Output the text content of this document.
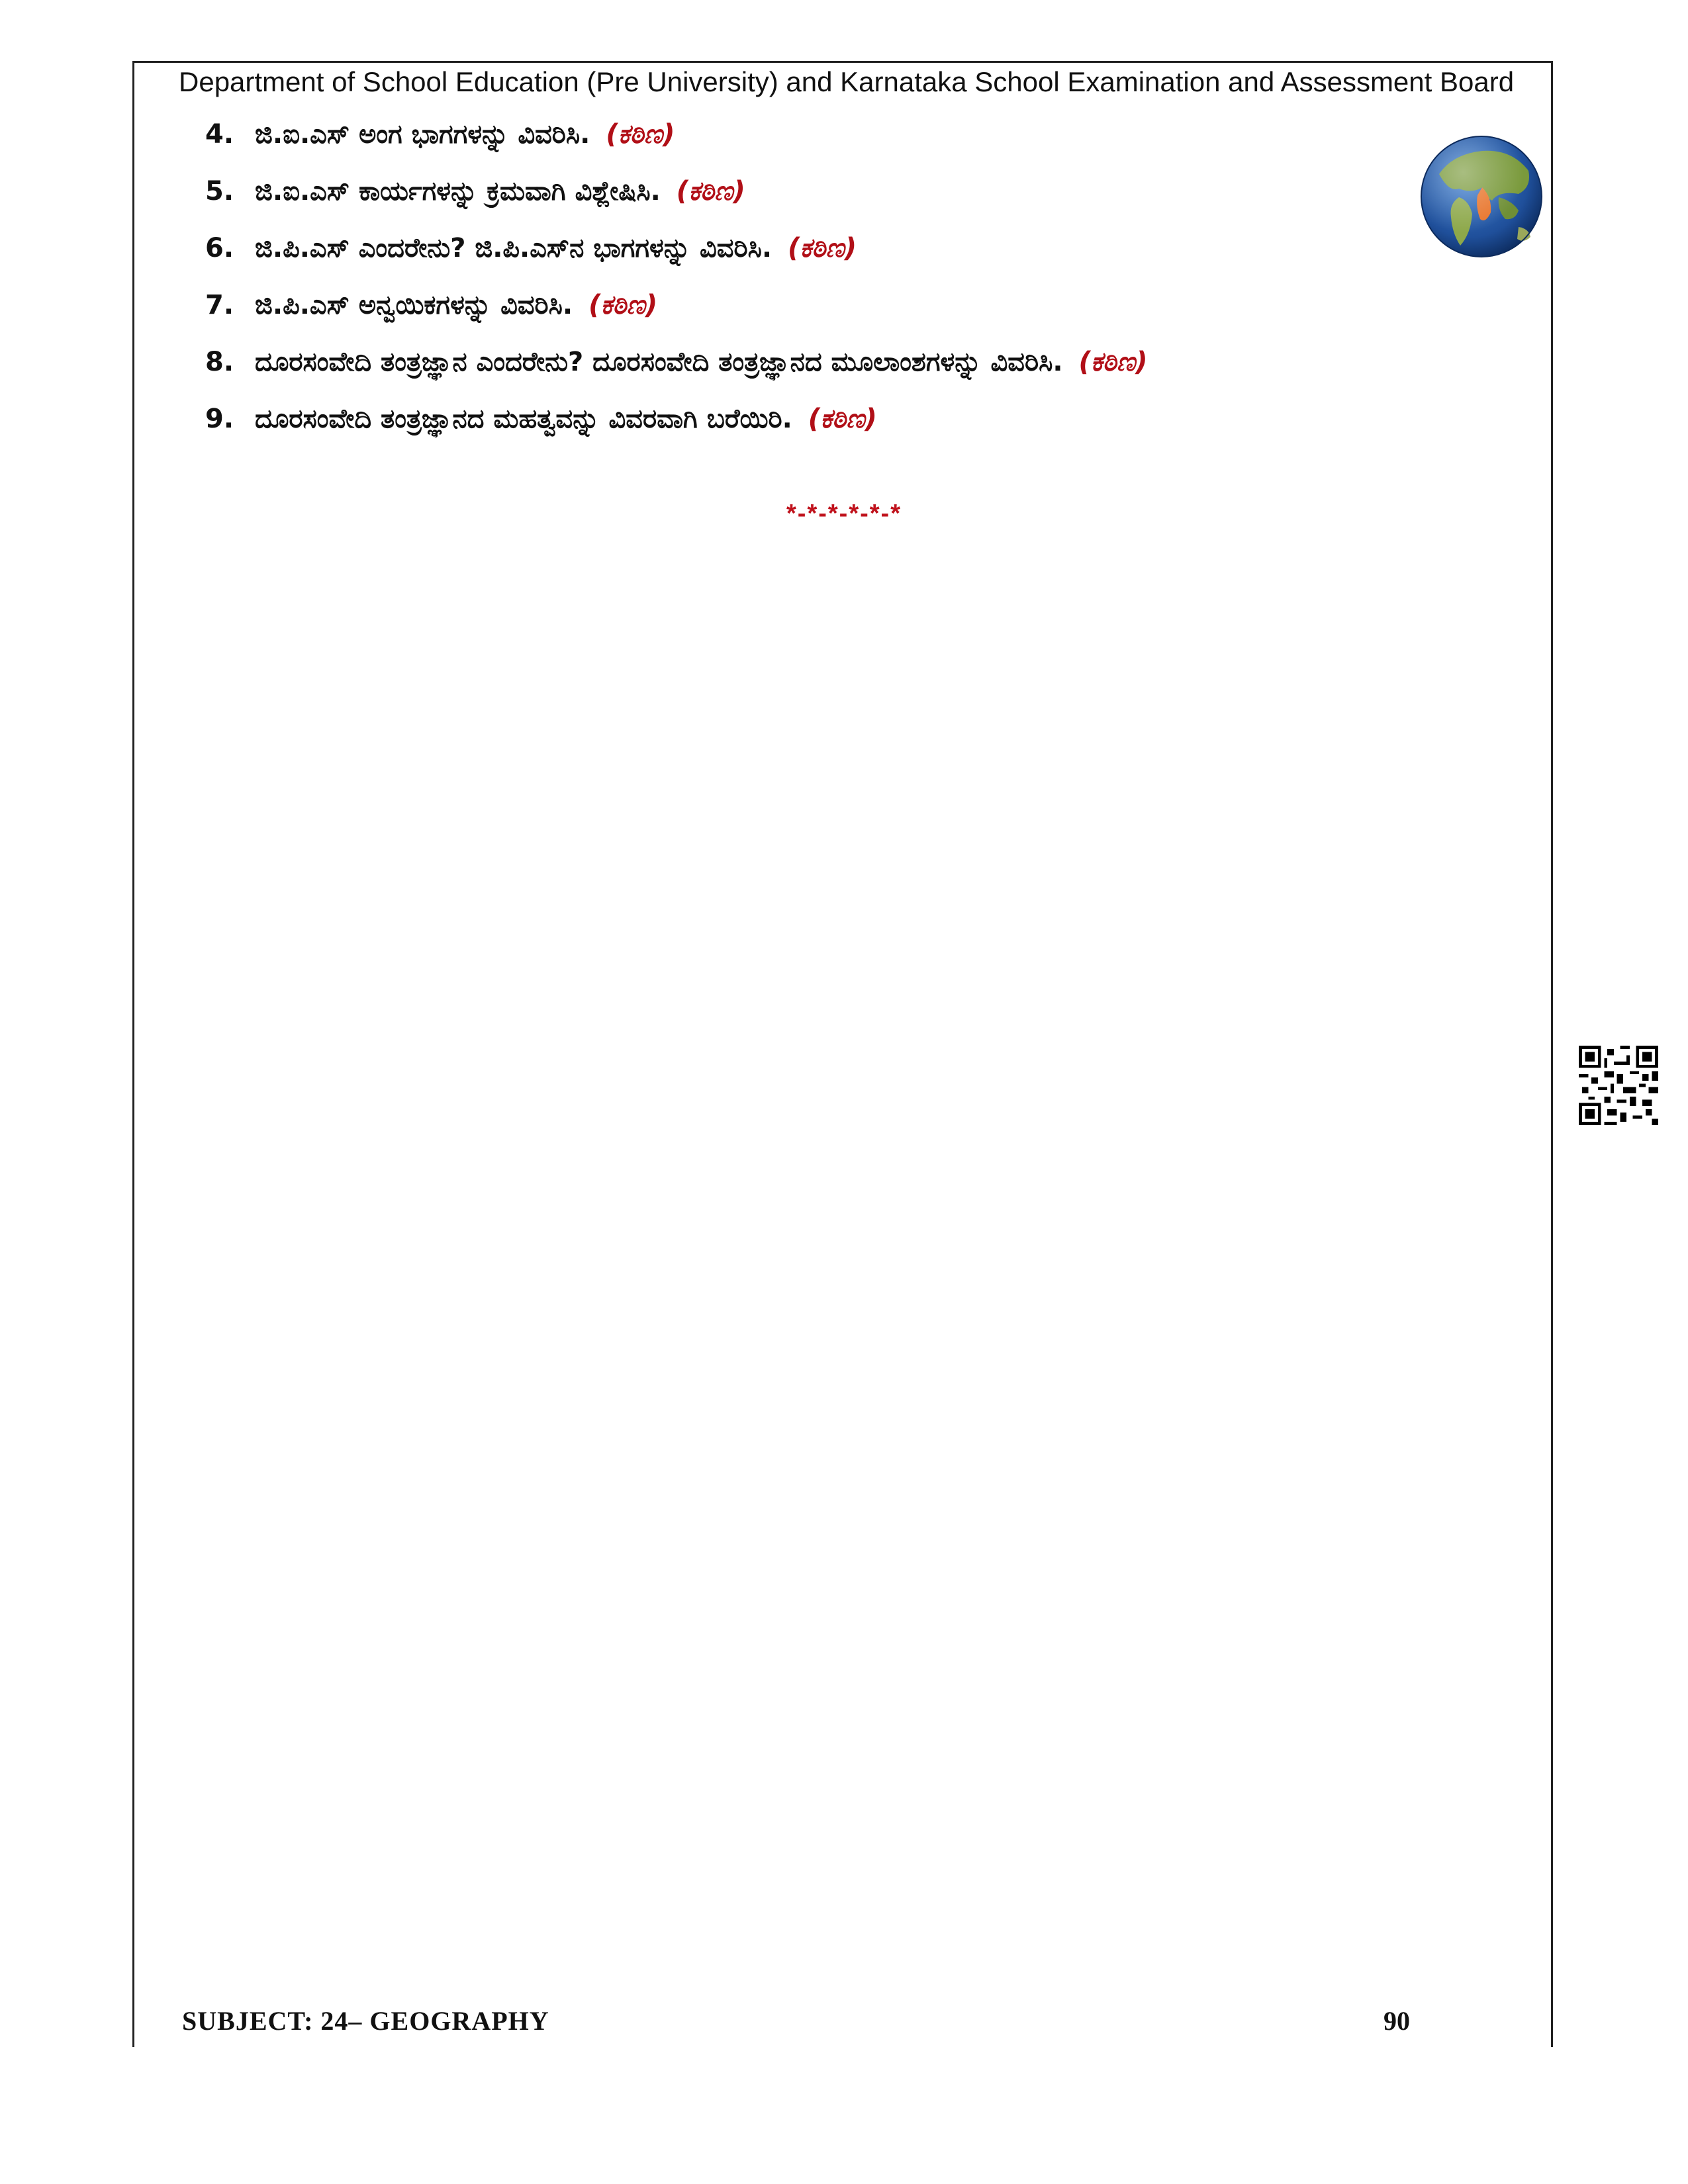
Department of School Education (Pre University) and Karnataka School Examination and Assessment Board
4. ಜಿ.ಐ.ಎಸ್ ಅಂಗ ಭಾಗಗಳನ್ನು ವಿವರಿಸಿ. (ಕಠಿಣ)
5. ಜಿ.ಐ.ಎಸ್ ಕಾರ್ಯಗಳನ್ನು ಕ್ರಮವಾಗಿ ವಿಶ್ಲೇಷಿಸಿ. (ಕಠಿಣ)
6. ಜಿ.ಪಿ.ಎಸ್ ಎಂದರೇನು? ಜಿ.ಪಿ.ಎಸ್‌ನ ಭಾಗಗಳನ್ನು ವಿವರಿಸಿ. (ಕಠಿಣ)
7. ಜಿ.ಪಿ.ಎಸ್ ಅನ್ವಯಿಕಗಳನ್ನು ವಿವರಿಸಿ. (ಕಠಿಣ)
8. ದೂರಸಂವೇದಿ ತಂತ್ರಜ್ಞಾನ ಎಂದರೇನು? ದೂರಸಂವೇದಿ ತಂತ್ರಜ್ಞಾನದ ಮೂಲಾಂಶಗಳನ್ನು ವಿವರಿಸಿ. (ಕಠಿಣ)
9. ದೂರಸಂವೇದಿ ತಂತ್ರಜ್ಞಾನದ ಮಹತ್ವವನ್ನು ವಿವರವಾಗಿ ಬರೆಯಿರಿ. (ಕಠಿಣ)
*-*-*-*-*-*
SUBJECT: 24– GEOGRAPHY	90
